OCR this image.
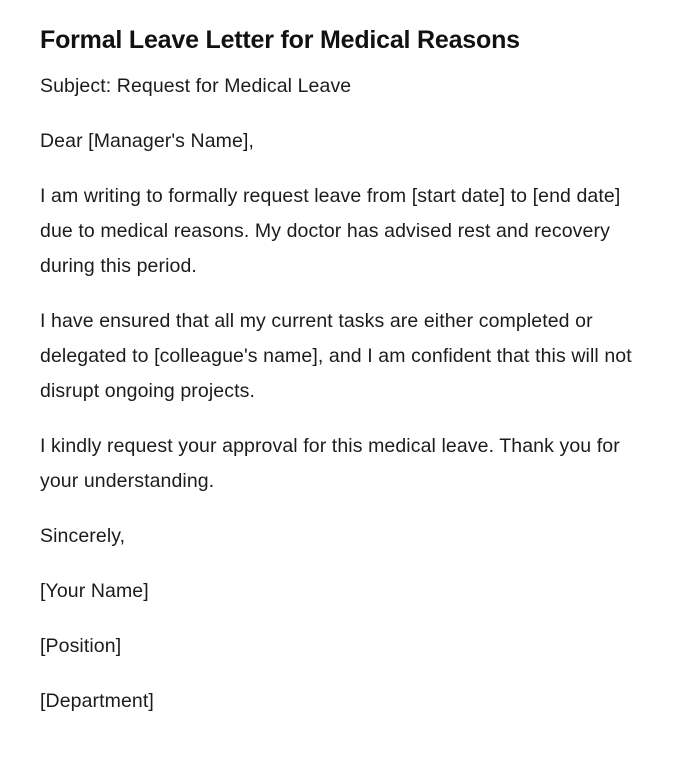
Formal Leave Letter for Medical Reasons

Subject: Request for Medical Leave

Dear [Manager's Name],

I am writing to formally request leave from [start date] to [end date] due to medical reasons. My doctor has advised rest and recovery during this period.

I have ensured that all my current tasks are either completed or delegated to [colleague's name], and I am confident that this will not disrupt ongoing projects.

I kindly request your approval for this medical leave. Thank you for your understanding.

Sincerely,

[Your Name]

[Position]

[Department]
